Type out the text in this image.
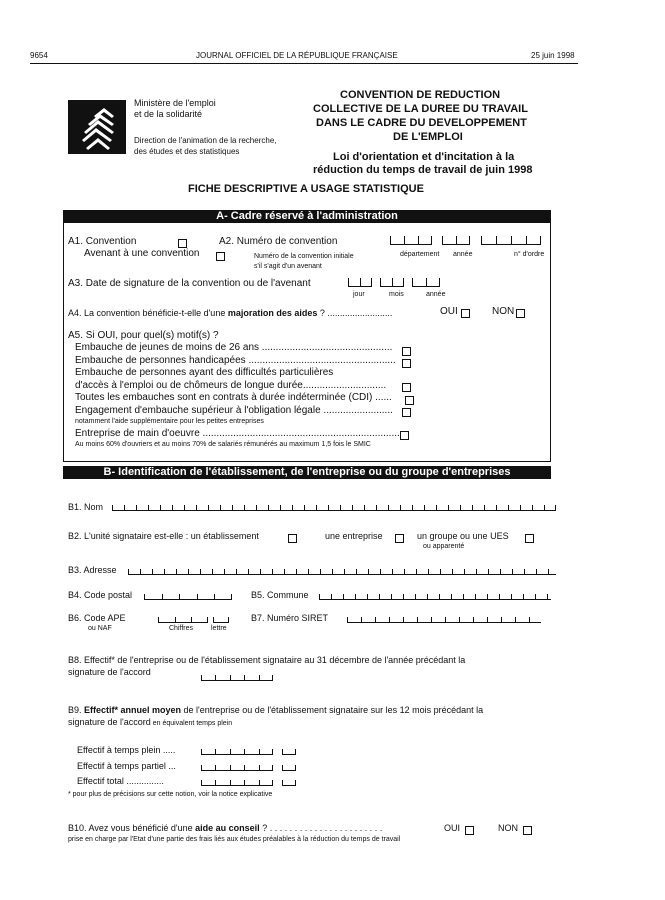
9654	JOURNAL OFFICIEL DE LA RÉPUBLIQUE FRANÇAISE	25 juin 1998
Ministère de l'emploi
et de la solidarité
Direction de l'animation de la recherche,
des études et des statistiques
CONVENTION DE REDUCTION
COLLECTIVE DE LA DUREE DU TRAVAIL
DANS LE CADRE DU DEVELOPPEMENT
DE L'EMPLOI
Loi d'orientation et d'incitation à la
réduction du temps de travail de juin 1998
FICHE DESCRIPTIVE A USAGE STATISTIQUE
A- Cadre réservé à l'administration
A1. Convention
Avenant à une convention
A2. Numéro de convention
Numéro de la convention initiale
s'il s'agit d'un avenant
département année	n° d'ordre
A3. Date de signature de la convention ou de l'avenant
jour	mois	année
A4. La convention bénéficie-t-elle d'une majoration des aides ? ..........................	OUI	NON
A5. Si OUI, pour quel(s) motif(s) ?
Embauche de jeunes de moins de 26 ans ...............................................
Embauche de personnes handicapées .....................................................
Embauche de personnes ayant des difficultés particulières
d'accès à l'emploi ou de chômeurs de longue durée..............................
Toutes les embauches sont en contrats à durée indéterminée (CDI) ......
Engagement d'embauche supérieur à l'obligation légale .........................
notamment l'aide supplémentaire pour les petites entreprises
Entreprise de main d'oeuvre .......................................................................
Au moins 60% d'ouvriers et au moins 70% de salariés rémunérés au maximum 1,5 fois le SMIC
B- Identification de l'établissement, de l'entreprise ou du groupe d'entreprises
B1. Nom
B2. L'unité signataire est-elle : un établissement	une entreprise	un groupe ou une UES
ou apparenté
B3. Adresse
B4. Code postal	B5. Commune
B6. Code APE
ou NAF	Chiffres	lettre
B7. Numéro SIRET
B8. Effectif* de l'entreprise ou de l'établissement signataire au 31 décembre de l'année précédant la
signature de l'accord
B9. Effectif* annuel moyen de l'entreprise ou de l'établissement signataire sur les 12 mois précédant la
signature de l'accord en équivalent temps plein
Effectif à temps plein .....
Effectif à temps partiel ...
Effectif total ...............
* pour plus de précisions sur cette notion, voir la notice explicative
B10. Avez vous bénéficié d'une aide au conseil ? . . . . . . . . . . . . . . . . . . . . . . .	OUI	NON
prise en charge par l'Etat d'une partie des frais liés aux études préalables à la réduction du temps de travail
